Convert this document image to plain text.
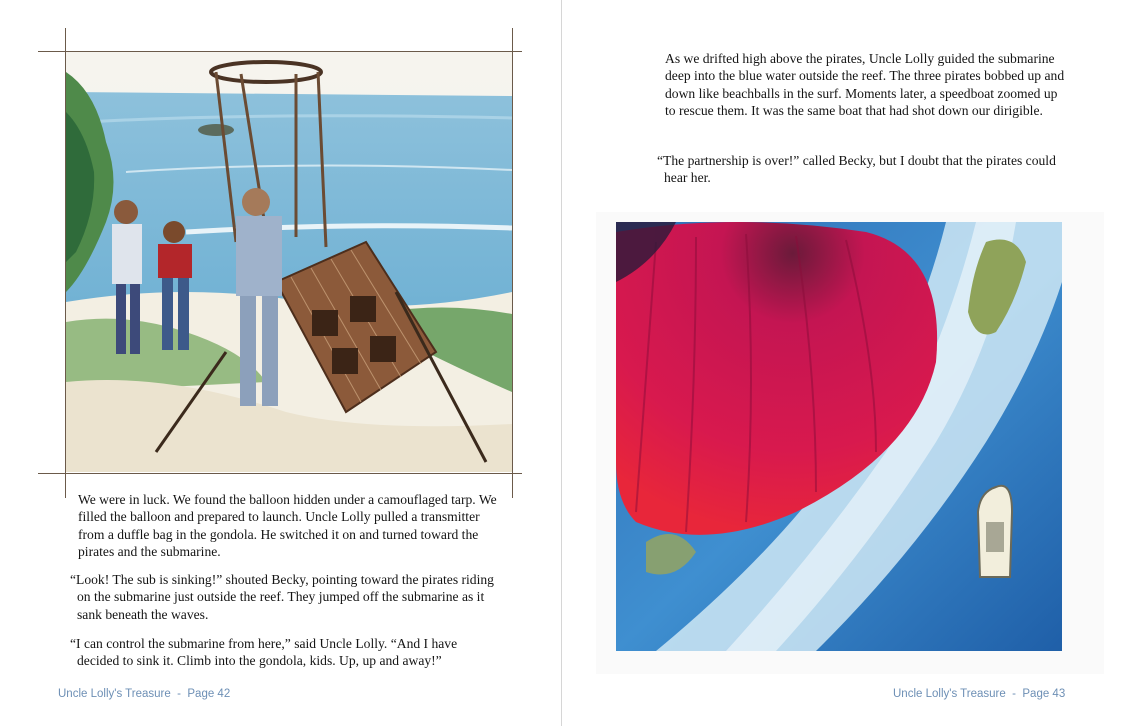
We were in luck. We found the balloon hidden under a camouflaged tarp. We filled the balloon and prepared to launch. Uncle Lolly pulled a transmitter from a duffle bag in the gondola. He switched it on and turned toward the pirates and the submarine.

“Look! The sub is sinking!” shouted Becky, pointing toward the pirates riding on the submarine just outside the reef. They jumped off the submarine as it sank beneath the waves.

“I can control the submarine from here,” said Uncle Lolly. “And I have decided to sink it. Climb into the gondola, kids. Up, up and away!”

Uncle Lolly's Treasure  -  Page 42

As we drifted high above the pirates, Uncle Lolly guided the submarine deep into the blue water outside the reef. The three pirates bobbed up and down like beachballs in the surf. Moments later, a speedboat zoomed up to rescue them. It was the same boat that had shot down our dirigible.

“The partnership is over!” called Becky, but I doubt that the pirates could hear her.

Uncle Lolly's Treasure  -  Page 43
